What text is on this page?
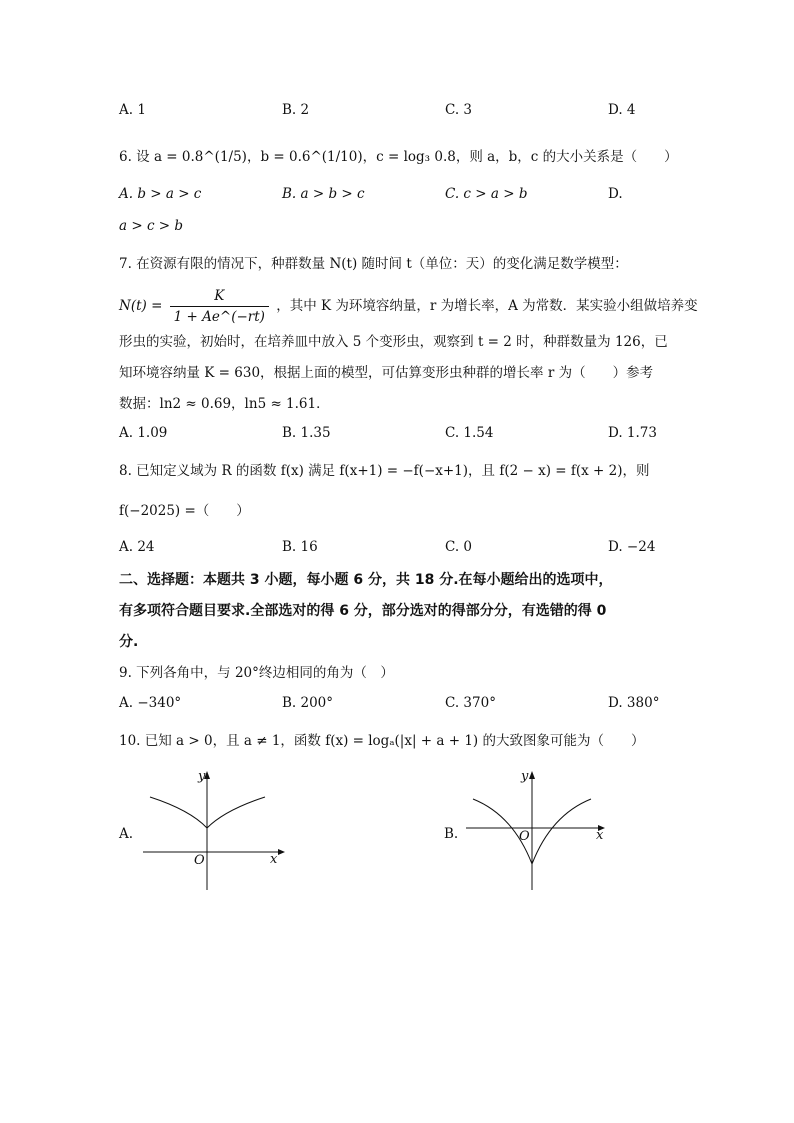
A. 1	B. 2	C. 3	D. 4
6. 设 a = 0.8^(1/5)，b = 0.6^(1/10)，c = log₃ 0.8，则 a，b，c 的大小关系是（　　）
A. b > a > c	B. a > b > c	C. c > a > b	D.
a > c > b
7. 在资源有限的情况下，种群数量 N(t) 随时间 t（单位：天）的变化满足数学模型：
$N(t) = \frac{K}{1 + Ae\^{}(-rt)}$ ，其中 K 为环境容纳量，r 为增长率，A 为常数．某实验小组做培养变
形虫的实验，初始时，在培养皿中放入 5 个变形虫，观察到 t = 2 时，种群数量为 126，已
知环境容纳量 K = 630，根据上面的模型，可估算变形虫种群的增长率 r 为（　　）参考
数据：ln2 ≈ 0.69，ln5 ≈ 1.61．
A. 1.09	B. 1.35	C. 1.54	D. 1.73
8. 已知定义域为 R 的函数 f(x) 满足 f(x+1) = −f(−x+1)，且 f(2 − x) = f(x + 2)，则
f(−2025) =（　　）
A. 24	B. 16	C. 0	D. −24
二、选择题：本题共 3 小题，每小题 6 分，共 18 分.在每小题给出的选项中，
有多项符合题目要求.全部选对的得 6 分，部分选对的得部分分，有选错的得 0
分.
9. 下列各角中，与 20°终边相同的角为（　）
A. −340°	B. 200°	C. 370°	D. 380°
10. 已知 a > 0，且 a ≠ 1，函数 f(x) = logₐ(|x| + a + 1) 的大致图象可能为（　　）
A.
y
x
O
B.
y
x
O
